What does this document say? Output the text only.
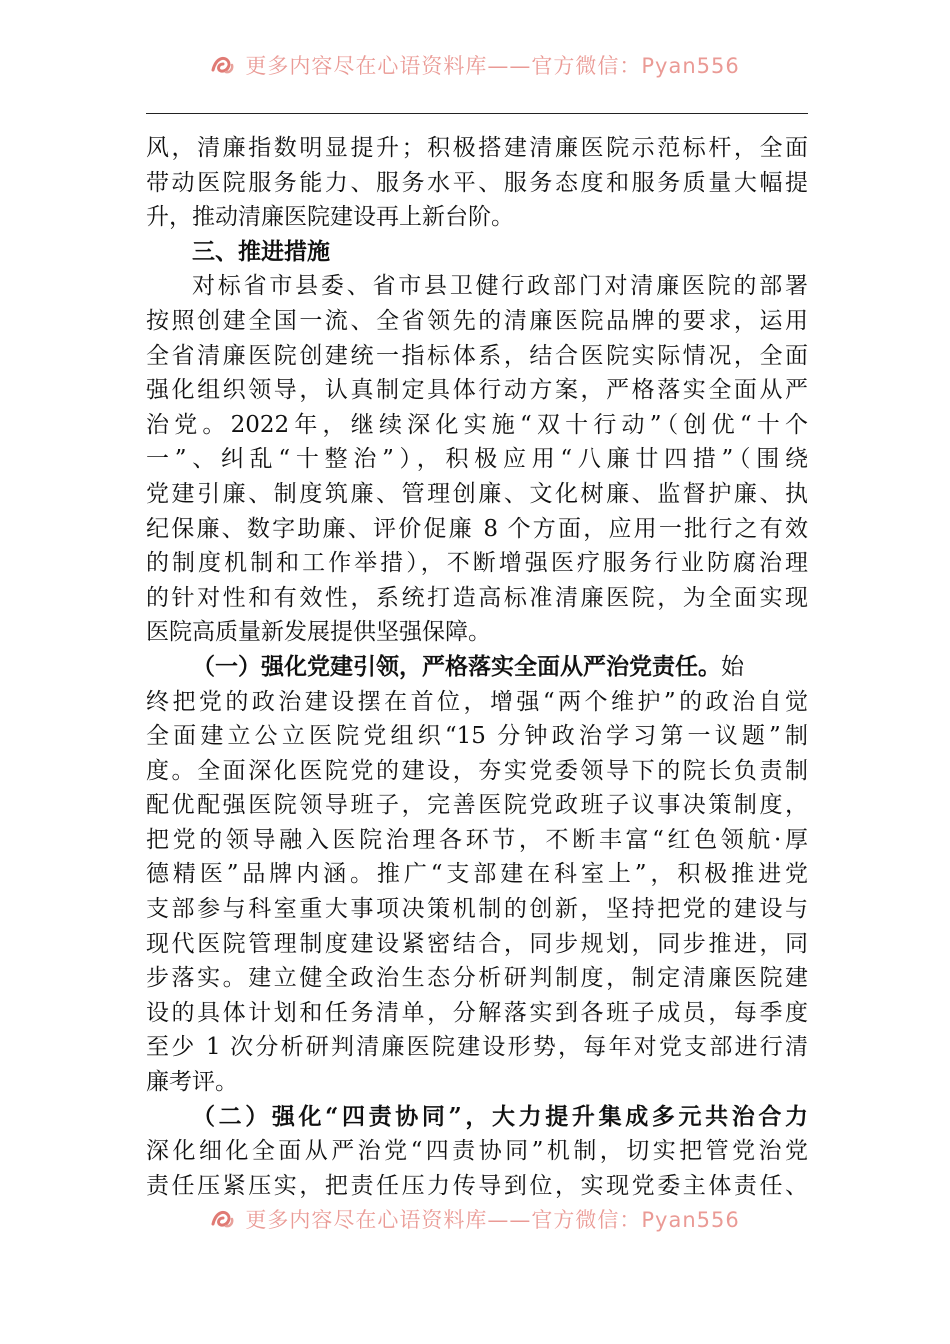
更多内容尽在心语资料库——官方微信：Pyan556
风，清廉指数明显提升；积极搭建清廉医院示范标杆，全面
带动医院服务能力、服务水平、服务态度和服务质量大幅提
升，推动清廉医院建设再上新台阶。
三、推进措施
对标省市县委、省市县卫健行政部门对清廉医院的部署
按照创建全国一流、全省领先的清廉医院品牌的要求，运用
全省清廉医院创建统一指标体系，结合医院实际情况，全面
强化组织领导，认真制定具体行动方案，严格落实全面从严
治党。2022年，继续深化实施“双十行动”（创优“十个
一”、纠乱“十整治”），积极应用“八廉廿四措”（围绕
党建引廉、制度筑廉、管理创廉、文化树廉、监督护廉、执
纪保廉、数字助廉、评价促廉 8 个方面，应用一批行之有效
的制度机制和工作举措），不断增强医疗服务行业防腐治理
的针对性和有效性，系统打造高标准清廉医院，为全面实现
医院高质量新发展提供坚强保障。
（一）强化党建引领，严格落实全面从严治党责任。始
终把党的政治建设摆在首位，增强“两个维护”的政治自觉
全面建立公立医院党组织“15 分钟政治学习第一议题”制
度。全面深化医院党的建设，夯实党委领导下的院长负责制
配优配强医院领导班子，完善医院党政班子议事决策制度，
把党的领导融入医院治理各环节，不断丰富“红色领航·厚
德精医”品牌内涵。推广“支部建在科室上”，积极推进党
支部参与科室重大事项决策机制的创新，坚持把党的建设与
现代医院管理制度建设紧密结合，同步规划，同步推进，同
步落实。建立健全政治生态分析研判制度，制定清廉医院建
设的具体计划和任务清单，分解落实到各班子成员，每季度
至少 1 次分析研判清廉医院建设形势，每年对党支部进行清
廉考评。
（二）强化“四责协同”，大力提升集成多元共治合力
深化细化全面从严治党“四责协同”机制，切实把管党治党
责任压紧压实，把责任压力传导到位，实现党委主体责任、
更多内容尽在心语资料库——官方微信：Pyan556
